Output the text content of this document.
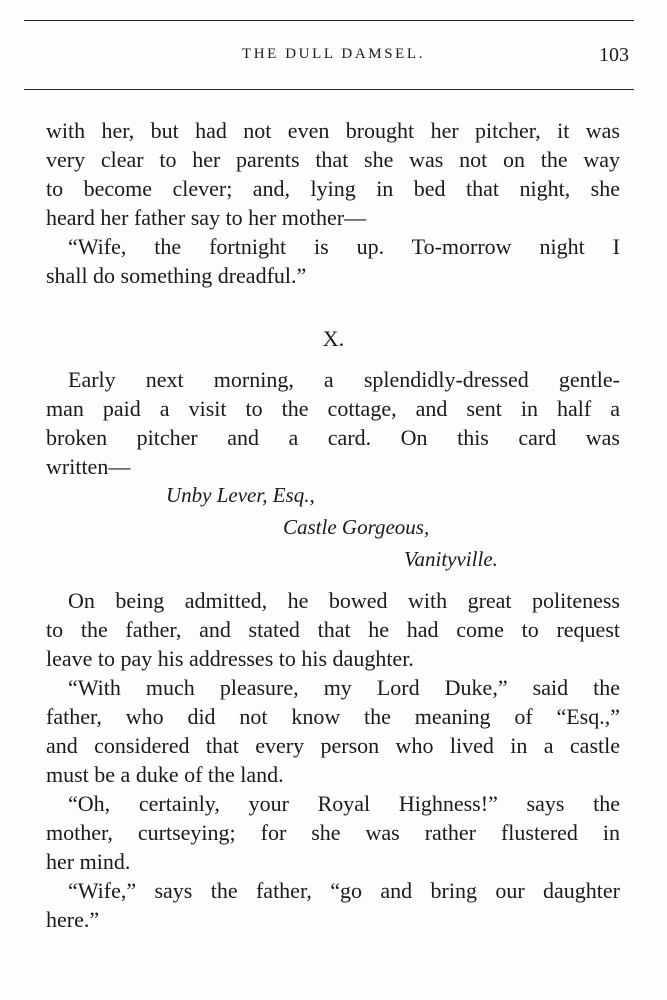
THE DULL DAMSEL.	103
with her, but had not even brought her pitcher, it was
very clear to her parents that she was not on the way
to become clever; and, lying in bed that night, she
heard her father say to her mother—
“Wife, the fortnight is up. To-morrow night I
shall do something dreadful.”
X.
Early next morning, a splendidly-dressed gentle-
man paid a visit to the cottage, and sent in half a
broken pitcher and a card. On this card was
written—
Unby Lever, Esq.,
Castle Gorgeous,
Vanityville.
On being admitted, he bowed with great politeness
to the father, and stated that he had come to request
leave to pay his addresses to his daughter.
“With much pleasure, my Lord Duke,” said the
father, who did not know the meaning of “Esq.,”
and considered that every person who lived in a castle
must be a duke of the land.
“Oh, certainly, your Royal Highness!” says the
mother, curtseying; for she was rather flustered in
her mind.
“Wife,” says the father, “go and bring our daughter
here.”
